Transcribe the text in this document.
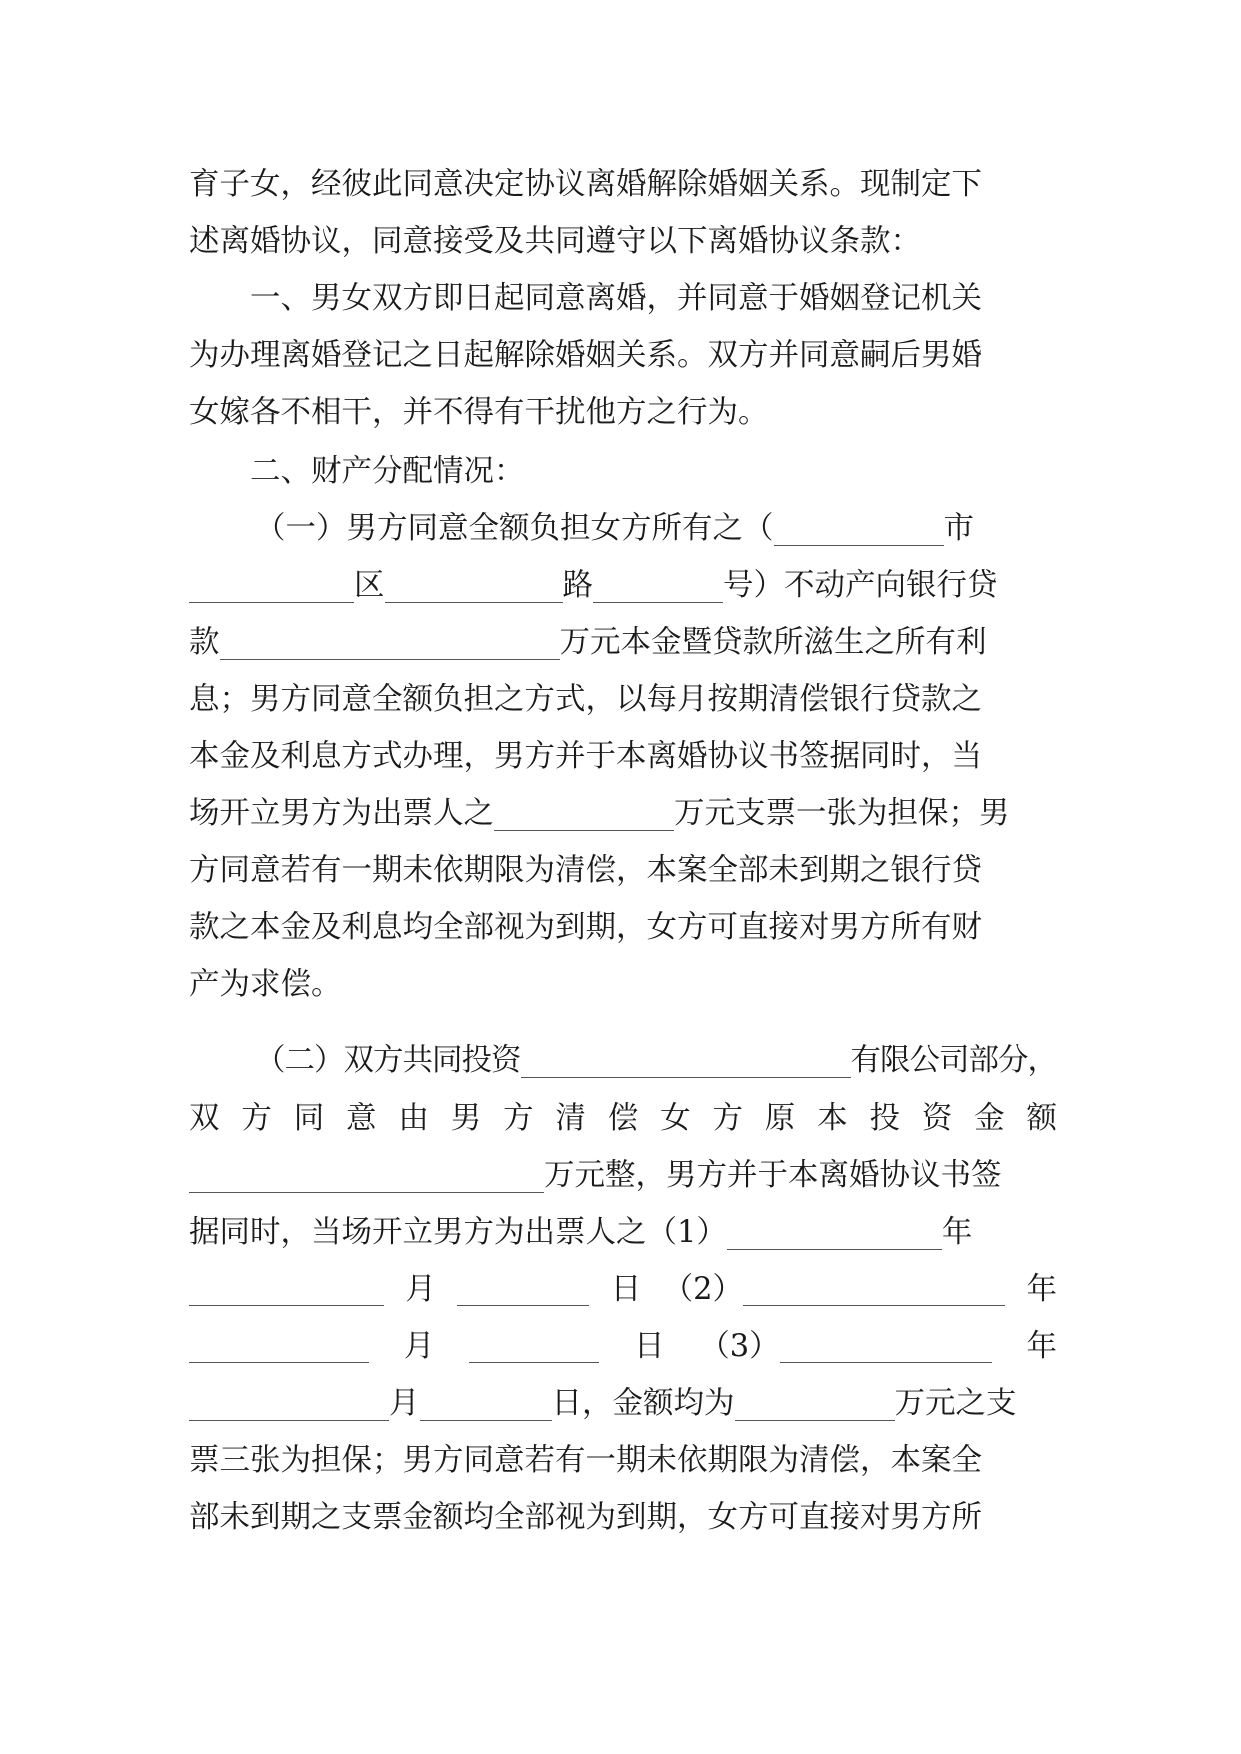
育子女，经彼此同意决定协议离婚解除婚姻关系。现制定下
述离婚协议，同意接受及共同遵守以下离婚协议条款：
一、男女双方即日起同意离婚，并同意于婚姻登记机关
为办理离婚登记之日起解除婚姻关系。双方并同意嗣后男婚
女嫁各不相干，并不得有干扰他方之行为。
二、财产分配情况：
（一）男方同意全额负担女方所有之（	市
区	路	号）不动产向银行贷
款	万元本金暨贷款所滋生之所有利
息；男方同意全额负担之方式，以每月按期清偿银行贷款之
本金及利息方式办理，男方并于本离婚协议书签据同时，当
场开立男方为出票人之	万元支票一张为担保；男
方同意若有一期未依期限为清偿，本案全部未到期之银行贷
款之本金及利息均全部视为到期，女方可直接对男方所有财
产为求偿。
（二）双方共同投资	有限公司部分，
双 方 同 意 由 男 方 清 偿 女 方 原 本 投 资 金 额
万元整，男方并于本离婚协议书签
据同时，当场开立男方为出票人之（1）	年
月	日 （2）	年
月	日 （3）	年
月	日，金额均为	万元之支
票三张为担保；男方同意若有一期未依期限为清偿，本案全
部未到期之支票金额均全部视为到期，女方可直接对男方所
